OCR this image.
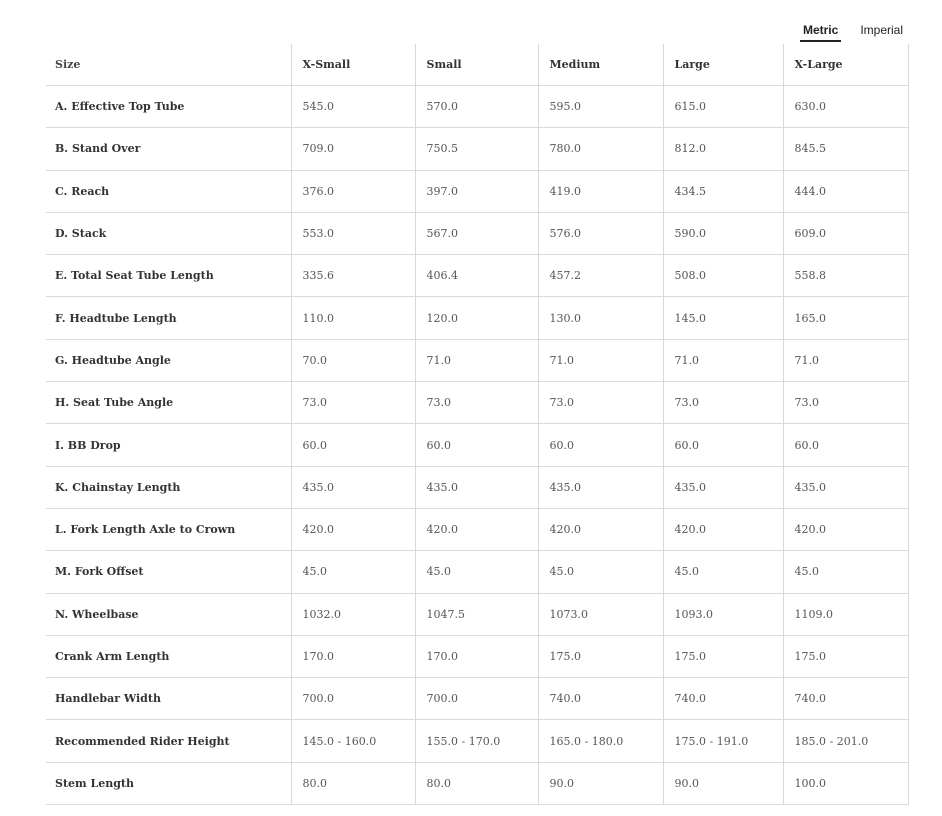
Metric Imperial
Size	X-Small	Small	Medium	Large	X-Large
A. Effective Top Tube	545.0	570.0	595.0	615.0	630.0
B. Stand Over	709.0	750.5	780.0	812.0	845.5
C. Reach	376.0	397.0	419.0	434.5	444.0
D. Stack	553.0	567.0	576.0	590.0	609.0
E. Total Seat Tube Length	335.6	406.4	457.2	508.0	558.8
F. Headtube Length	110.0	120.0	130.0	145.0	165.0
G. Headtube Angle	70.0	71.0	71.0	71.0	71.0
H. Seat Tube Angle	73.0	73.0	73.0	73.0	73.0
I. BB Drop	60.0	60.0	60.0	60.0	60.0
K. Chainstay Length	435.0	435.0	435.0	435.0	435.0
L. Fork Length Axle to Crown	420.0	420.0	420.0	420.0	420.0
M. Fork Offset	45.0	45.0	45.0	45.0	45.0
N. Wheelbase	1032.0	1047.5	1073.0	1093.0	1109.0
Crank Arm Length	170.0	170.0	175.0	175.0	175.0
Handlebar Width	700.0	700.0	740.0	740.0	740.0
Recommended Rider Height	145.0 - 160.0	155.0 - 170.0	165.0 - 180.0	175.0 - 191.0	185.0 - 201.0
Stem Length	80.0	80.0	90.0	90.0	100.0
